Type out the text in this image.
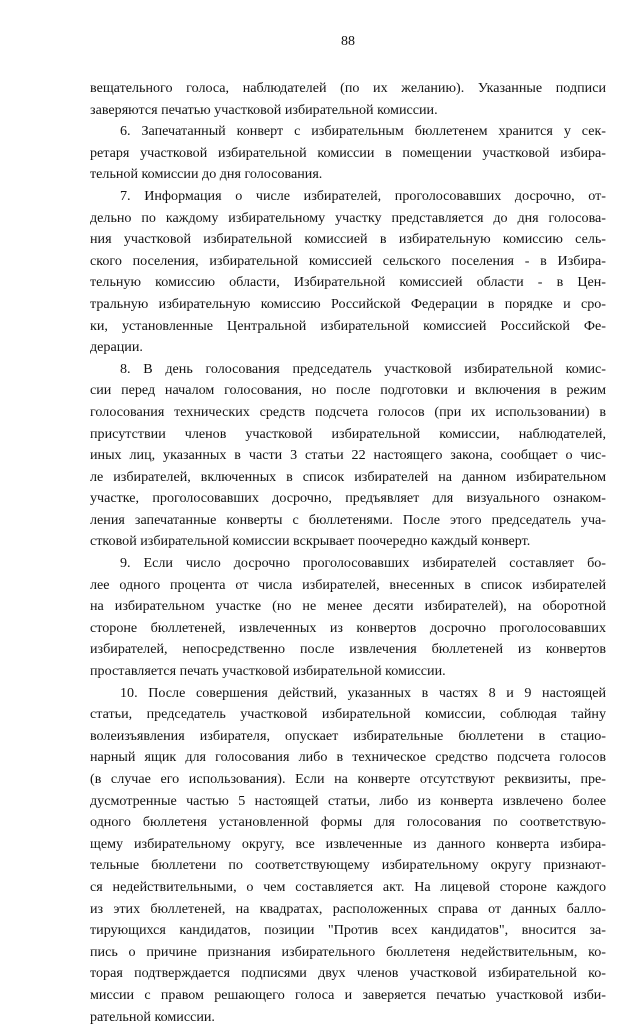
88
вещательного голоса, наблюдателей (по их желанию). Указанные подписи
заверяются печатью участковой избирательной комиссии.
6. Запечатанный конверт с избирательным бюллетенем хранится у сек-
ретаря участковой избирательной комиссии в помещении участковой избира-
тельной комиссии до дня голосования.
7. Информация о числе избирателей, проголосовавших досрочно, от-
дельно по каждому избирательному участку представляется до дня голосова-
ния участковой избирательной комиссией в избирательную комиссию сель-
ского поселения, избирательной комиссией сельского поселения - в Избира-
тельную комиссию области, Избирательной комиссией области - в Цен-
тральную избирательную комиссию Российской Федерации в порядке и сро-
ки, установленные Центральной избирательной комиссией Российской Фе-
дерации.
8. В день голосования председатель участковой избирательной комис-
сии перед началом голосования, но после подготовки и включения в режим
голосования технических средств подсчета голосов (при их использовании) в
присутствии членов участковой избирательной комиссии, наблюдателей,
иных лиц, указанных в части 3 статьи 22 настоящего закона, сообщает о чис-
ле избирателей, включенных в список избирателей на данном избирательном
участке, проголосовавших досрочно, предъявляет для визуального ознаком-
ления запечатанные конверты с бюллетенями. После этого председатель уча-
стковой избирательной комиссии вскрывает поочередно каждый конверт.
9. Если число досрочно проголосовавших избирателей составляет бо-
лее одного процента от числа избирателей, внесенных в список избирателей
на избирательном участке (но не менее десяти избирателей), на оборотной
стороне бюллетеней, извлеченных из конвертов досрочно проголосовавших
избирателей, непосредственно после извлечения бюллетеней из конвертов
проставляется печать участковой избирательной комиссии.
10. После совершения действий, указанных в частях 8 и 9 настоящей
статьи, председатель участковой избирательной комиссии, соблюдая тайну
волеизъявления избирателя, опускает избирательные бюллетени в стацио-
нарный ящик для голосования либо в техническое средство подсчета голосов
(в случае его использования). Если на конверте отсутствуют реквизиты, пре-
дусмотренные частью 5 настоящей статьи, либо из конверта извлечено более
одного бюллетеня установленной формы для голосования по соответствую-
щему избирательному округу, все извлеченные из данного конверта избира-
тельные бюллетени по соответствующему избирательному округу признают-
ся недействительными, о чем составляется акт. На лицевой стороне каждого
из этих бюллетеней, на квадратах, расположенных справа от данных балло-
тирующихся кандидатов, позиции "Против всех кандидатов", вносится за-
пись о причине признания избирательного бюллетеня недействительным, ко-
торая подтверждается подписями двух членов участковой избирательной ко-
миссии с правом решающего голоса и заверяется печатью участковой изби-
рательной комиссии.
